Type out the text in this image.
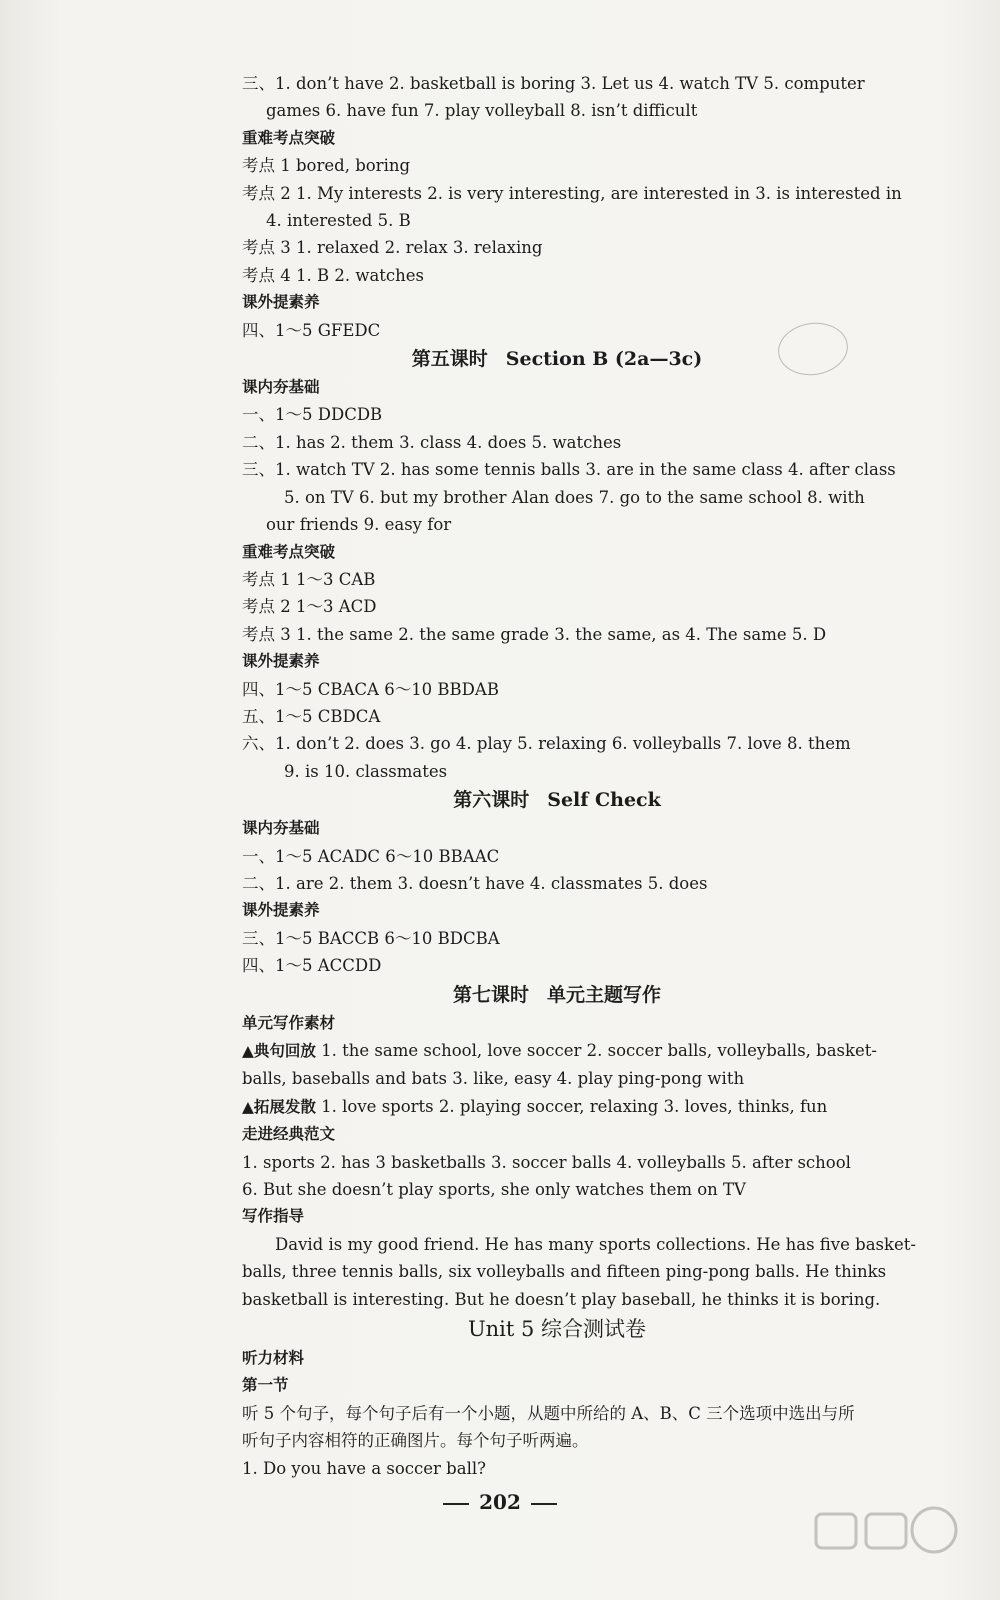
三、1. don’t have 2. basketball is boring 3. Let us 4. watch TV 5. computer
games 6. have fun 7. play volleyball 8. isn’t difficult
重难考点突破
考点 1 bored, boring
考点 2 1. My interests 2. is very interesting, are interested in 3. is interested in
4. interested 5. B
考点 3 1. relaxed 2. relax 3. relaxing
考点 4 1. B 2. watches
课外提素养
四、1～5 GFEDC
第五课时 Section B (2a—3c)
课内夯基础
一、1～5 DDCDB
二、1. has 2. them 3. class 4. does 5. watches
三、1. watch TV 2. has some tennis balls 3. are in the same class 4. after class
5. on TV 6. but my brother Alan does 7. go to the same school 8. with
our friends 9. easy for
重难考点突破
考点 1 1～3 CAB
考点 2 1～3 ACD
考点 3 1. the same 2. the same grade 3. the same, as 4. The same 5. D
课外提素养
四、1～5 CBACA 6～10 BBDAB
五、1～5 CBDCA
六、1. don’t 2. does 3. go 4. play 5. relaxing 6. volleyballs 7. love 8. them
9. is 10. classmates
第六课时 Self Check
课内夯基础
一、1～5 ACADC 6～10 BBAAC
二、1. are 2. them 3. doesn’t have 4. classmates 5. does
课外提素养
三、1～5 BACCB 6～10 BDCBA
四、1～5 ACCDD
第七课时 单元主题写作
单元写作素材
▲典句回放 1. the same school, love soccer 2. soccer balls, volleyballs, basket-
balls, baseballs and bats 3. like, easy 4. play ping-pong with
▲拓展发散 1. love sports 2. playing soccer, relaxing 3. loves, thinks, fun
走进经典范文
1. sports 2. has 3 basketballs 3. soccer balls 4. volleyballs 5. after school
6. But she doesn’t play sports, she only watches them on TV
写作指导
David is my good friend. He has many sports collections. He has five basket-
balls, three tennis balls, six volleyballs and fifteen ping-pong balls. He thinks
basketball is interesting. But he doesn’t play baseball, he thinks it is boring.
Unit 5 综合测试卷
听力材料
第一节
听 5 个句子，每个句子后有一个小题，从题中所给的 A、B、C 三个选项中选出与所
听句子内容相符的正确图片。每个句子听两遍。
1. Do you have a soccer ball?
202
